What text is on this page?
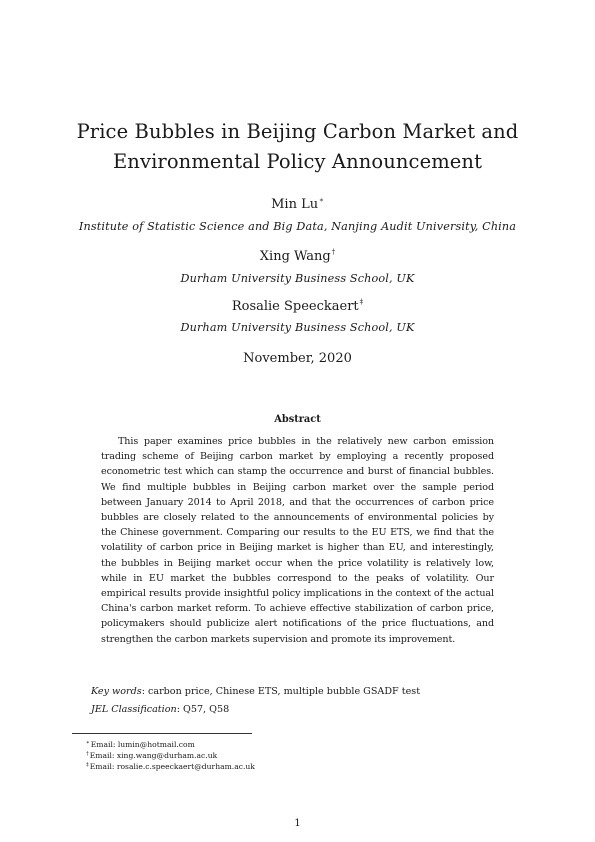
Price Bubbles in Beijing Carbon Market and
Environmental Policy Announcement
Min Lu∗
Institute of Statistic Science and Big Data, Nanjing Audit University, China
Xing Wang†
Durham University Business School, UK
Rosalie Speeckaert‡
Durham University Business School, UK
November, 2020
Abstract
This paper examines price bubbles in the relatively new carbon emission trading scheme of Beijing carbon market by employing a recently proposed econometric test which can stamp the occurrence and burst of financial bubbles. We find multiple bubbles in Beijing carbon market over the sample period between January 2014 to April 2018, and that the occurrences of carbon price bubbles are closely related to the announcements of environmental policies by the Chinese government. Comparing our results to the EU ETS, we find that the volatility of carbon price in Beijing market is higher than EU, and interestingly, the bubbles in Beijing market occur when the price volatility is relatively low, while in EU market the bubbles correspond to the peaks of volatility. Our empirical results provide insightful policy implications in the context of the actual China's carbon market reform. To achieve effective stabilization of carbon price, policymakers should publicize alert notifications of the price fluctuations, and strengthen the carbon markets supervision and promote its improvement.
Key words: carbon price, Chinese ETS, multiple bubble GSADF test
JEL Classification: Q57, Q58
∗Email: lumin@hotmail.com
†Email: xing.wang@durham.ac.uk
‡Email: rosalie.c.speeckaert@durham.ac.uk
1
